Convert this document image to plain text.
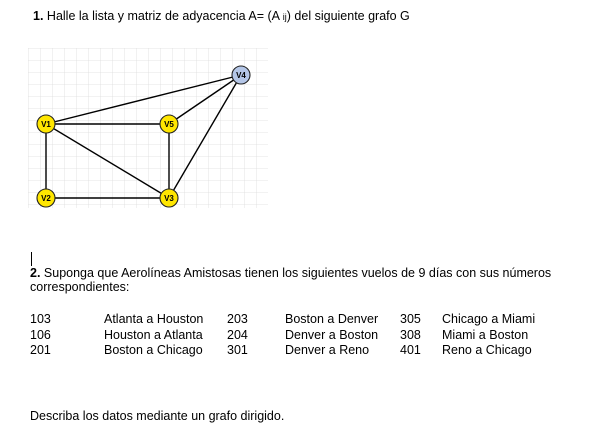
1. Halle la lista y matriz de adyacencia A= (A ij) del siguiente grafo G
V1
V2	V3
V4
V5
2. Suponga que Aerolíneas Amistosas tienen los siguientes vuelos de 9 días con sus números correspondientes:
103
106
201
Atlanta a Houston
Houston a Atlanta
Boston a Chicago
203
204
301
Boston a Denver
Denver a Boston
Denver a Reno
305
308
401
Chicago a Miami
Miami a Boston
Reno a Chicago
Describa los datos mediante un grafo dirigido.
